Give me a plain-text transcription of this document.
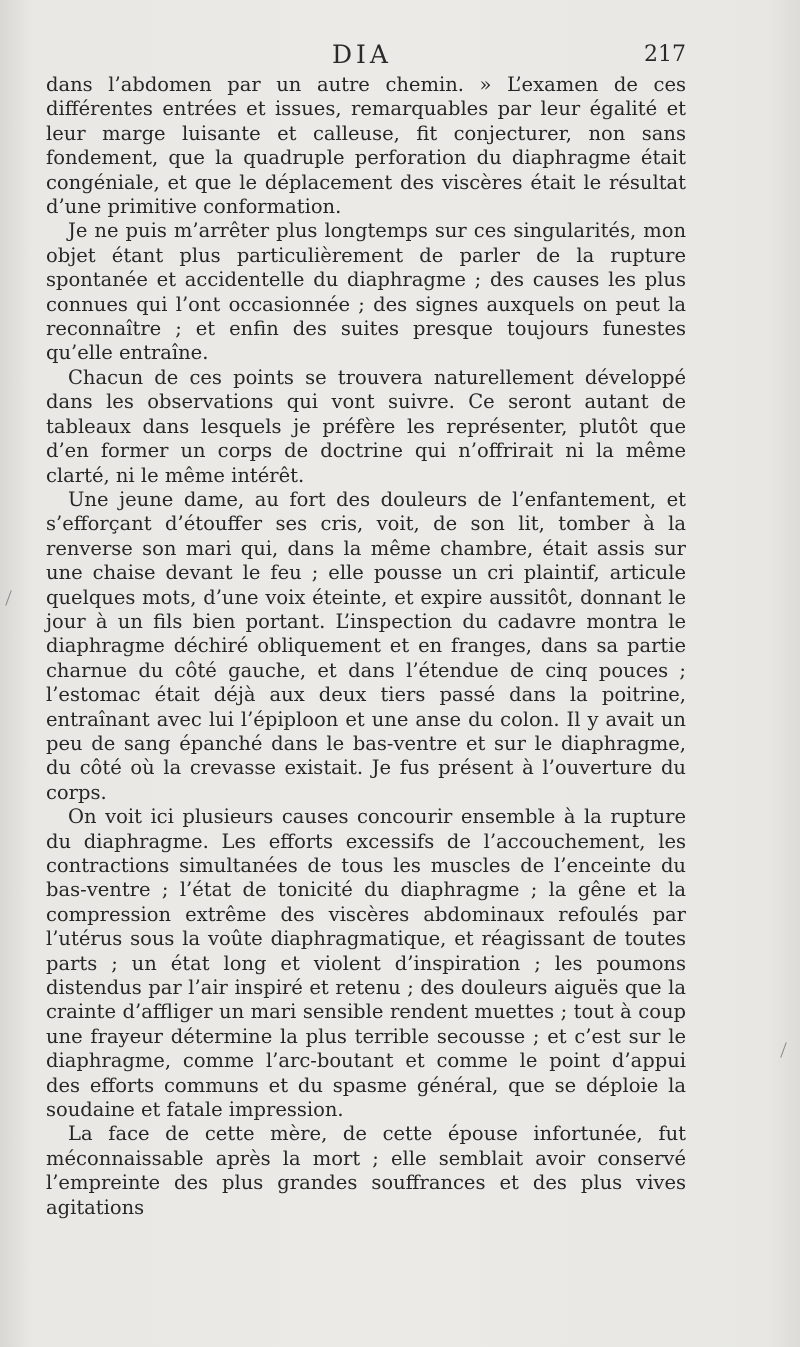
DIA	217

dans l’abdomen par un autre chemin. » L’examen de ces différentes entrées et issues, remarquables par leur égalité et leur marge luisante et calleuse, fit conjecturer, non sans fondement, que la quadruple perforation du diaphragme était congéniale, et que le déplacement des viscères était le résultat d’une primitive conformation.

Je ne puis m’arrêter plus longtemps sur ces singularités, mon objet étant plus particulièrement de parler de la rupture spontanée et accidentelle du diaphragme ; des causes les plus connues qui l’ont occasionnée ; des signes auxquels on peut la reconnaître ; et enfin des suites presque toujours funestes qu’elle entraîne.

Chacun de ces points se trouvera naturellement développé dans les observations qui vont suivre. Ce seront autant de tableaux dans lesquels je préfère les représenter, plutôt que d’en former un corps de doctrine qui n’offrirait ni la même clarté, ni le même intérêt.

Une jeune dame, au fort des douleurs de l’enfantement, et s’efforçant d’étouffer ses cris, voit, de son lit, tomber à la renverse son mari qui, dans la même chambre, était assis sur une chaise devant le feu ; elle pousse un cri plaintif, articule quelques mots, d’une voix éteinte, et expire aussitôt, donnant le jour à un fils bien portant. L’inspection du cadavre montra le diaphragme déchiré obliquement et en franges, dans sa partie charnue du côté gauche, et dans l’étendue de cinq pouces ; l’estomac était déjà aux deux tiers passé dans la poitrine, entraînant avec lui l’épiploon et une anse du colon. Il y avait un peu de sang épanché dans le bas-ventre et sur le diaphragme, du côté où la crevasse existait. Je fus présent à l’ouverture du corps.

On voit ici plusieurs causes concourir ensemble à la rupture du diaphragme. Les efforts excessifs de l’accouchement, les contractions simultanées de tous les muscles de l’enceinte du bas-ventre ; l’état de tonicité du diaphragme ; la gêne et la compression extrême des viscères abdominaux refoulés par l’utérus sous la voûte diaphragmatique, et réagissant de toutes parts ; un état long et violent d’inspiration ; les poumons distendus par l’air inspiré et retenu ; des douleurs aiguës que la crainte d’affliger un mari sensible rendent muettes ; tout à coup une frayeur détermine la plus terrible secousse ; et c’est sur le diaphragme, comme l’arc-boutant et comme le point d’appui des efforts communs et du spasme général, que se déploie la soudaine et fatale impression.

La face de cette mère, de cette épouse infortunée, fut méconnaissable après la mort ; elle semblait avoir conservé l’empreinte des plus grandes souffrances et des plus vives agitations
